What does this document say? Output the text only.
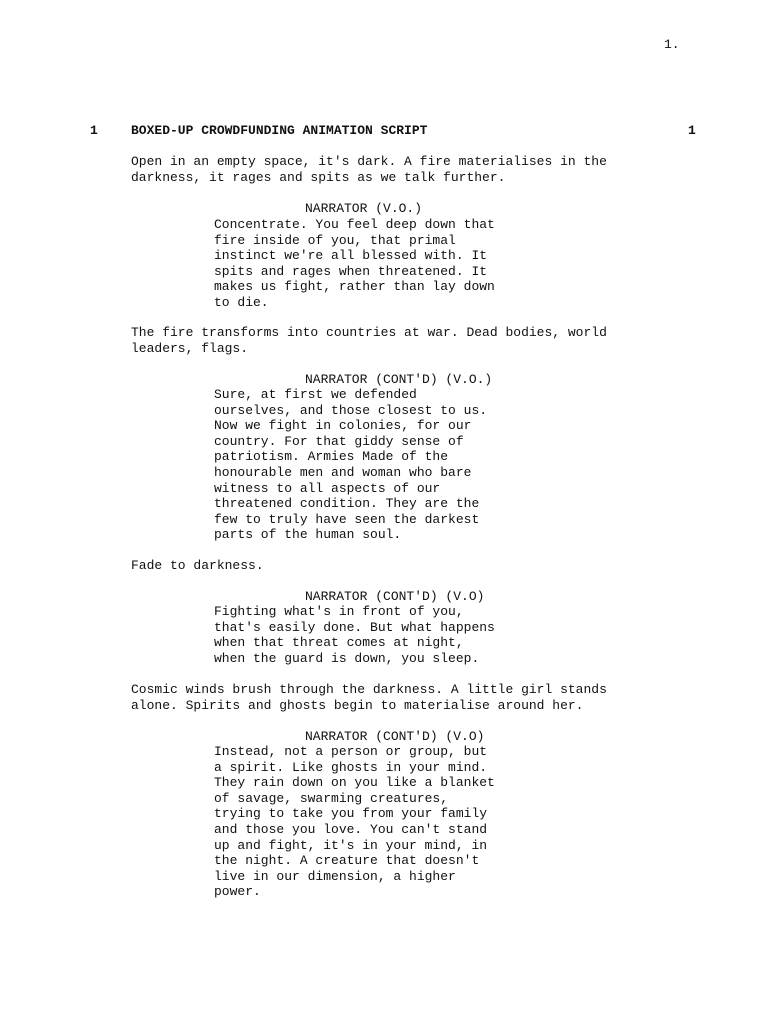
1.
1	BOXED-UP CROWDFUNDING ANIMATION SCRIPT	1
Open in an empty space, it's dark. A fire materialises in the
darkness, it rages and spits as we talk further.
NARRATOR (V.O.)
Concentrate. You feel deep down that
fire inside of you, that primal
instinct we're all blessed with. It
spits and rages when threatened. It
makes us fight, rather than lay down
to die.
The fire transforms into countries at war. Dead bodies, world
leaders, flags.
NARRATOR (CONT'D) (V.O.)
Sure, at first we defended
ourselves, and those closest to us.
Now we fight in colonies, for our
country. For that giddy sense of
patriotism. Armies Made of the
honourable men and woman who bare
witness to all aspects of our
threatened condition. They are the
few to truly have seen the darkest
parts of the human soul.
Fade to darkness.
NARRATOR (CONT'D) (V.O)
Fighting what's in front of you,
that's easily done. But what happens
when that threat comes at night,
when the guard is down, you sleep.
Cosmic winds brush through the darkness. A little girl stands
alone. Spirits and ghosts begin to materialise around her.
NARRATOR (CONT'D) (V.O)
Instead, not a person or group, but
a spirit. Like ghosts in your mind.
They rain down on you like a blanket
of savage, swarming creatures,
trying to take you from your family
and those you love. You can't stand
up and fight, it's in your mind, in
the night. A creature that doesn't
live in our dimension, a higher
power.
